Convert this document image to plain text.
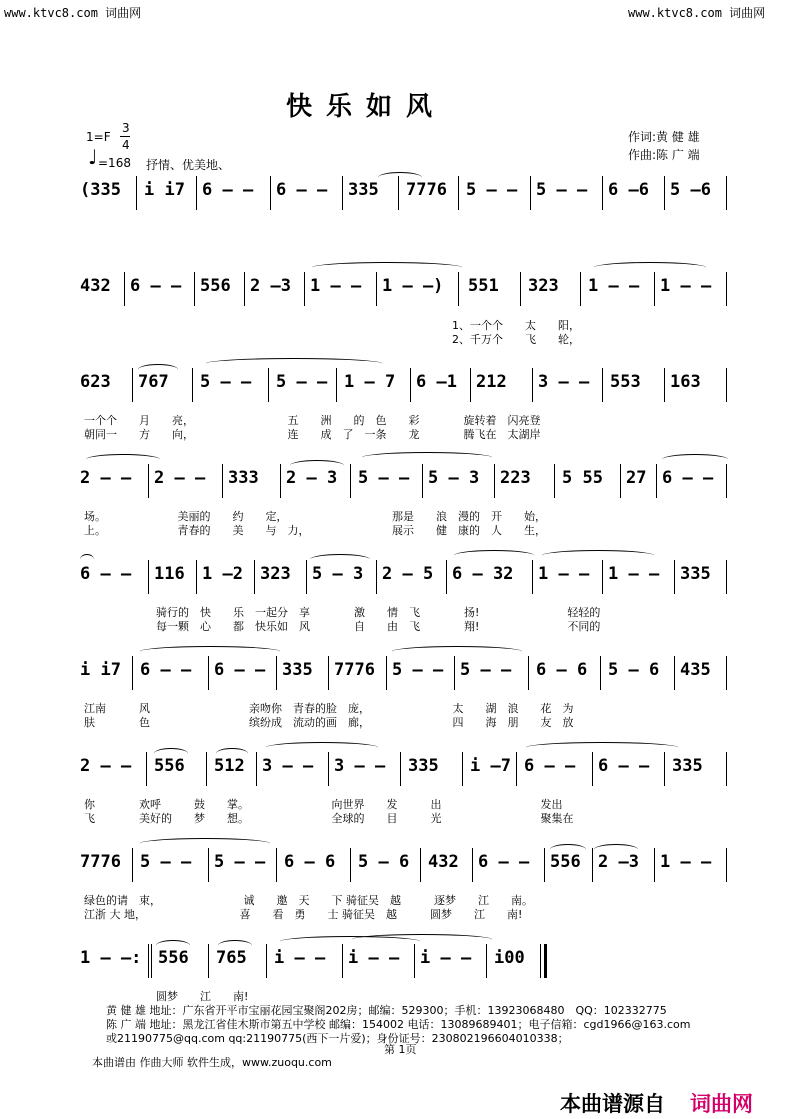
www.ktvc8.com 词曲网	www.ktvc8.com 词曲网
快乐如风
1=F
3
4
♩ =168 抒情、优美地、
作词:黄 健 雄
作曲:陈 广 端
(335 i i7 6 – – 6 – – 335 7776 5 – – 5 – – 6 –6 5 –6
432 6 – – 556 2 –3 1 – – 1 – –) 551 323 1 – – 1 – –
1、一个个　　太　　阳，
2、千万个　　飞　　轮，
623 767 5 – – 5 – – 1 – 7 6 –1 212 3 – – 553 163
一个个　　月　　亮，　　　　　　　　　五　　洲　　的　色　　彩　　　　旋转着　闪亮登
朝同一　　方　　向，　　　　　　　　　连　　成　了　一条　　龙　　　　腾飞在　太湖岸
2 – – 2 – – 333 2 – 3 5 – – 5 – 3 223 5 55 27 6 – –
场。　　　　　　　美丽的　　约　　定，　　　　　　　　　　那是　　浪　漫的　开　　始，
上。　　　　　　　青春的　　美　　与　力，　　　　　　　　展示　　健　康的　人　　生，
6 – – 116 1 –2 323 5 – 3 2 – 5 6 – 32 1 – – 1 – – 335
骑行的　快　　乐　一起分　享　　　　激　　情　飞　　　　扬!　　　　　　　　轻轻的
每一颗　心　　都　快乐如　风　　　　自　　由　飞　　　　翔!　　　　　　　　不同的
i i7 6 – – 6 – – 335 7776 5 – – 5 – – 6 – 6 5 – 6 435
江南　　　风　　　　　　　　　亲吻你　青春的脸　庞，　　　　　　　　太　　湖　浪　　花　为
肤　　　　色　　　　　　　　　缤纷成　流动的画　廊，　　　　　　　　四　　海　朋　　友　放
2 – – 556 512 3 – – 3 – – 335 i –7 6 – – 6 – – 335
你　　　　欢呼　　　鼓　　掌。　　　　　　　　向世界　　发　　　出　　　　　　　　　发出
飞　　　　美好的　　梦　　想。　　　　　　　　全球的　　目　　　光　　　　　　　　　聚集在
7776 5 – – 5 – – 6 – 6 5 – 6 432 6 – – 556 2 –3 1 – –
绿色的请　束，　　　　　　　　诚　　邀　天　　下 骑征吴　越　　　逐梦　　江　　南。
江浙 大 地，　　　　　　　　　喜　　看　勇　　士 骑征吴　越　　　圆梦　　江　　南!
1 – –: 556 765 i – – i – – i – – i00
圆梦　　江　　南!
黄 健 雄 地址：广东省开平市宝丽花园宝聚阁202房；邮编：529300；手机：13923068480　QQ：102332775
陈 广 端 地址：黑龙江省佳木斯市第五中学校 邮编：154002 电话：13089689401；电子信箱：cgd1966@163.com
或21190775@qq.com qq:21190775(西下一片爱)；身份证号：230802196604010338；
第 1页
本曲谱由 作曲大师 软件生成，www.zuoqu.com
本曲谱源自 词曲网
